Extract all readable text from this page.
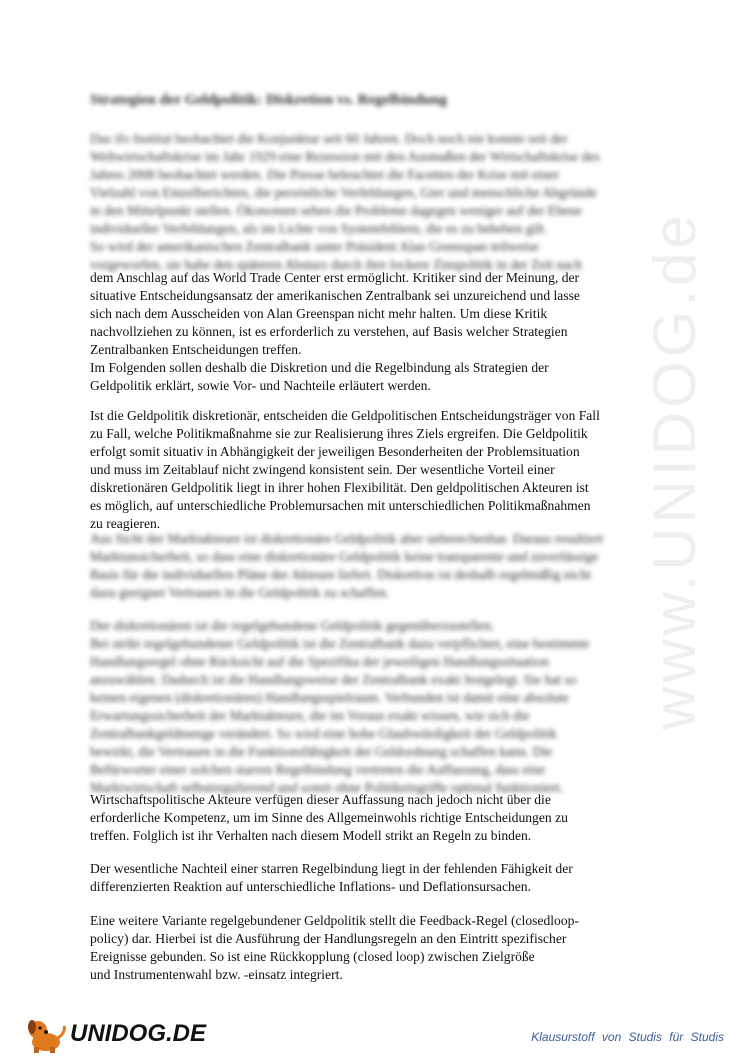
www.UNIDOG.de
Strategien der Geldpolitik: Diskretion vs. Regelbindung
Das ifo Institut beobachtet die Konjunktur seit 60 Jahren. Doch noch nie konnte seit der
Weltwirtschaftskrise im Jahr 1929 eine Rezession mit den Ausmaßen der Wirtschaftskrise des
Jahres 2008 beobachtet werden. Die Presse beleuchtet die Facetten der Krise mit einer
Vielzahl von Einzelberichten, die persönliche Verfehlungen, Gier und menschliche Abgründe
in den Mittelpunkt stellen. Ökonomen sehen die Probleme dagegen weniger auf der Ebene
individueller Verfehlungen, als im Lichte von Systemfehlern, die es zu beheben gilt.
So wird der amerikanischen Zentralbank unter Präsident Alan Greenspan teilweise
vorgeworfen, sie habe den späteren Absturz durch ihre lockere Zinspolitik in der Zeit nach
dem Anschlag auf das World Trade Center erst ermöglicht. Kritiker sind der Meinung, der
situative Entscheidungsansatz der amerikanischen Zentralbank sei unzureichend und lasse
sich nach dem Ausscheiden von Alan Greenspan nicht mehr halten. Um diese Kritik
nachvollziehen zu können, ist es erforderlich zu verstehen, auf Basis welcher Strategien
Zentralbanken Entscheidungen treffen.
Im Folgenden sollen deshalb die Diskretion und die Regelbindung als Strategien der
Geldpolitik erklärt, sowie Vor- und Nachteile erläutert werden.
Ist die Geldpolitik diskretionär, entscheiden die Geldpolitischen Entscheidungsträger von Fall
zu Fall, welche Politikmaßnahme sie zur Realisierung ihres Ziels ergreifen. Die Geldpolitik
erfolgt somit situativ in Abhängigkeit der jeweiligen Besonderheiten der Problemsituation
und muss im Zeitablauf nicht zwingend konsistent sein. Der wesentliche Vorteil einer
diskretionären Geldpolitik liegt in ihrer hohen Flexibilität. Den geldpolitischen Akteuren ist
es möglich, auf unterschiedliche Problemursachen mit unterschiedlichen Politikmaßnahmen
zu reagieren.
Aus Sicht der Marktakteure ist diskretionäre Geldpolitik aber unberechenbar. Daraus resultiert
Marktunsicherheit, so dass eine diskretionäre Geldpolitik keine transparente und zuverlässige
Basis für die individuellen Pläne der Akteure liefert. Diskretion ist deshalb regelmäßig nicht
dazu geeignet Vertrauen in die Geldpolitik zu schaffen.
Der diskretionären ist die regelgebundene Geldpolitik gegenüberzustellen.
Bei strikt regelgebundener Geldpolitik ist die Zentralbank dazu verpflichtet, eine bestimmte
Handlungsregel ohne Rücksicht auf die Spezifika der jeweiligen Handlungssituation
anzuwählen. Dadurch ist die Handlungsweise der Zentralbank exakt festgelegt. Sie hat so
keinen eigenen (diskretionären) Handlungsspielraum. Verbunden ist damit eine absolute
Erwartungssicherheit der Marktakteure, die im Voraus exakt wissen, wie sich die
Zentralbankgeldmenge verändert. So wird eine hohe Glaubwürdigkeit der Geldpolitik
bewirkt, die Vertrauen in die Funktionsfähigkeit der Geldordnung schaffen kann. Die
Befürworter einer solchen starren Regelbindung vertreten die Auffassung, dass eine
Marktwirtschaft selbstregulierend und somit ohne Politikeingriffe optimal funktioniert.
Wirtschaftspolitische Akteure verfügen dieser Auffassung nach jedoch nicht über die
erforderliche Kompetenz, um im Sinne des Allgemeinwohls richtige Entscheidungen zu
treffen. Folglich ist ihr Verhalten nach diesem Modell strikt an Regeln zu binden.
Der wesentliche Nachteil einer starren Regelbindung liegt in der fehlenden Fähigkeit der
differenzierten Reaktion auf unterschiedliche Inflations- und Deflationsursachen.
Eine weitere Variante regelgebundener Geldpolitik stellt die Feedback-Regel (closedloop-
policy) dar. Hierbei ist die Ausführung der Handlungsregeln an den Eintritt spezifischer
Ereignisse gebunden. So ist eine Rückkopplung (closed loop) zwischen Zielgröße
und Instrumentenwahl bzw. -einsatz integriert.
UNIDOG.DE	Klausurstoff von Studis für Studis
